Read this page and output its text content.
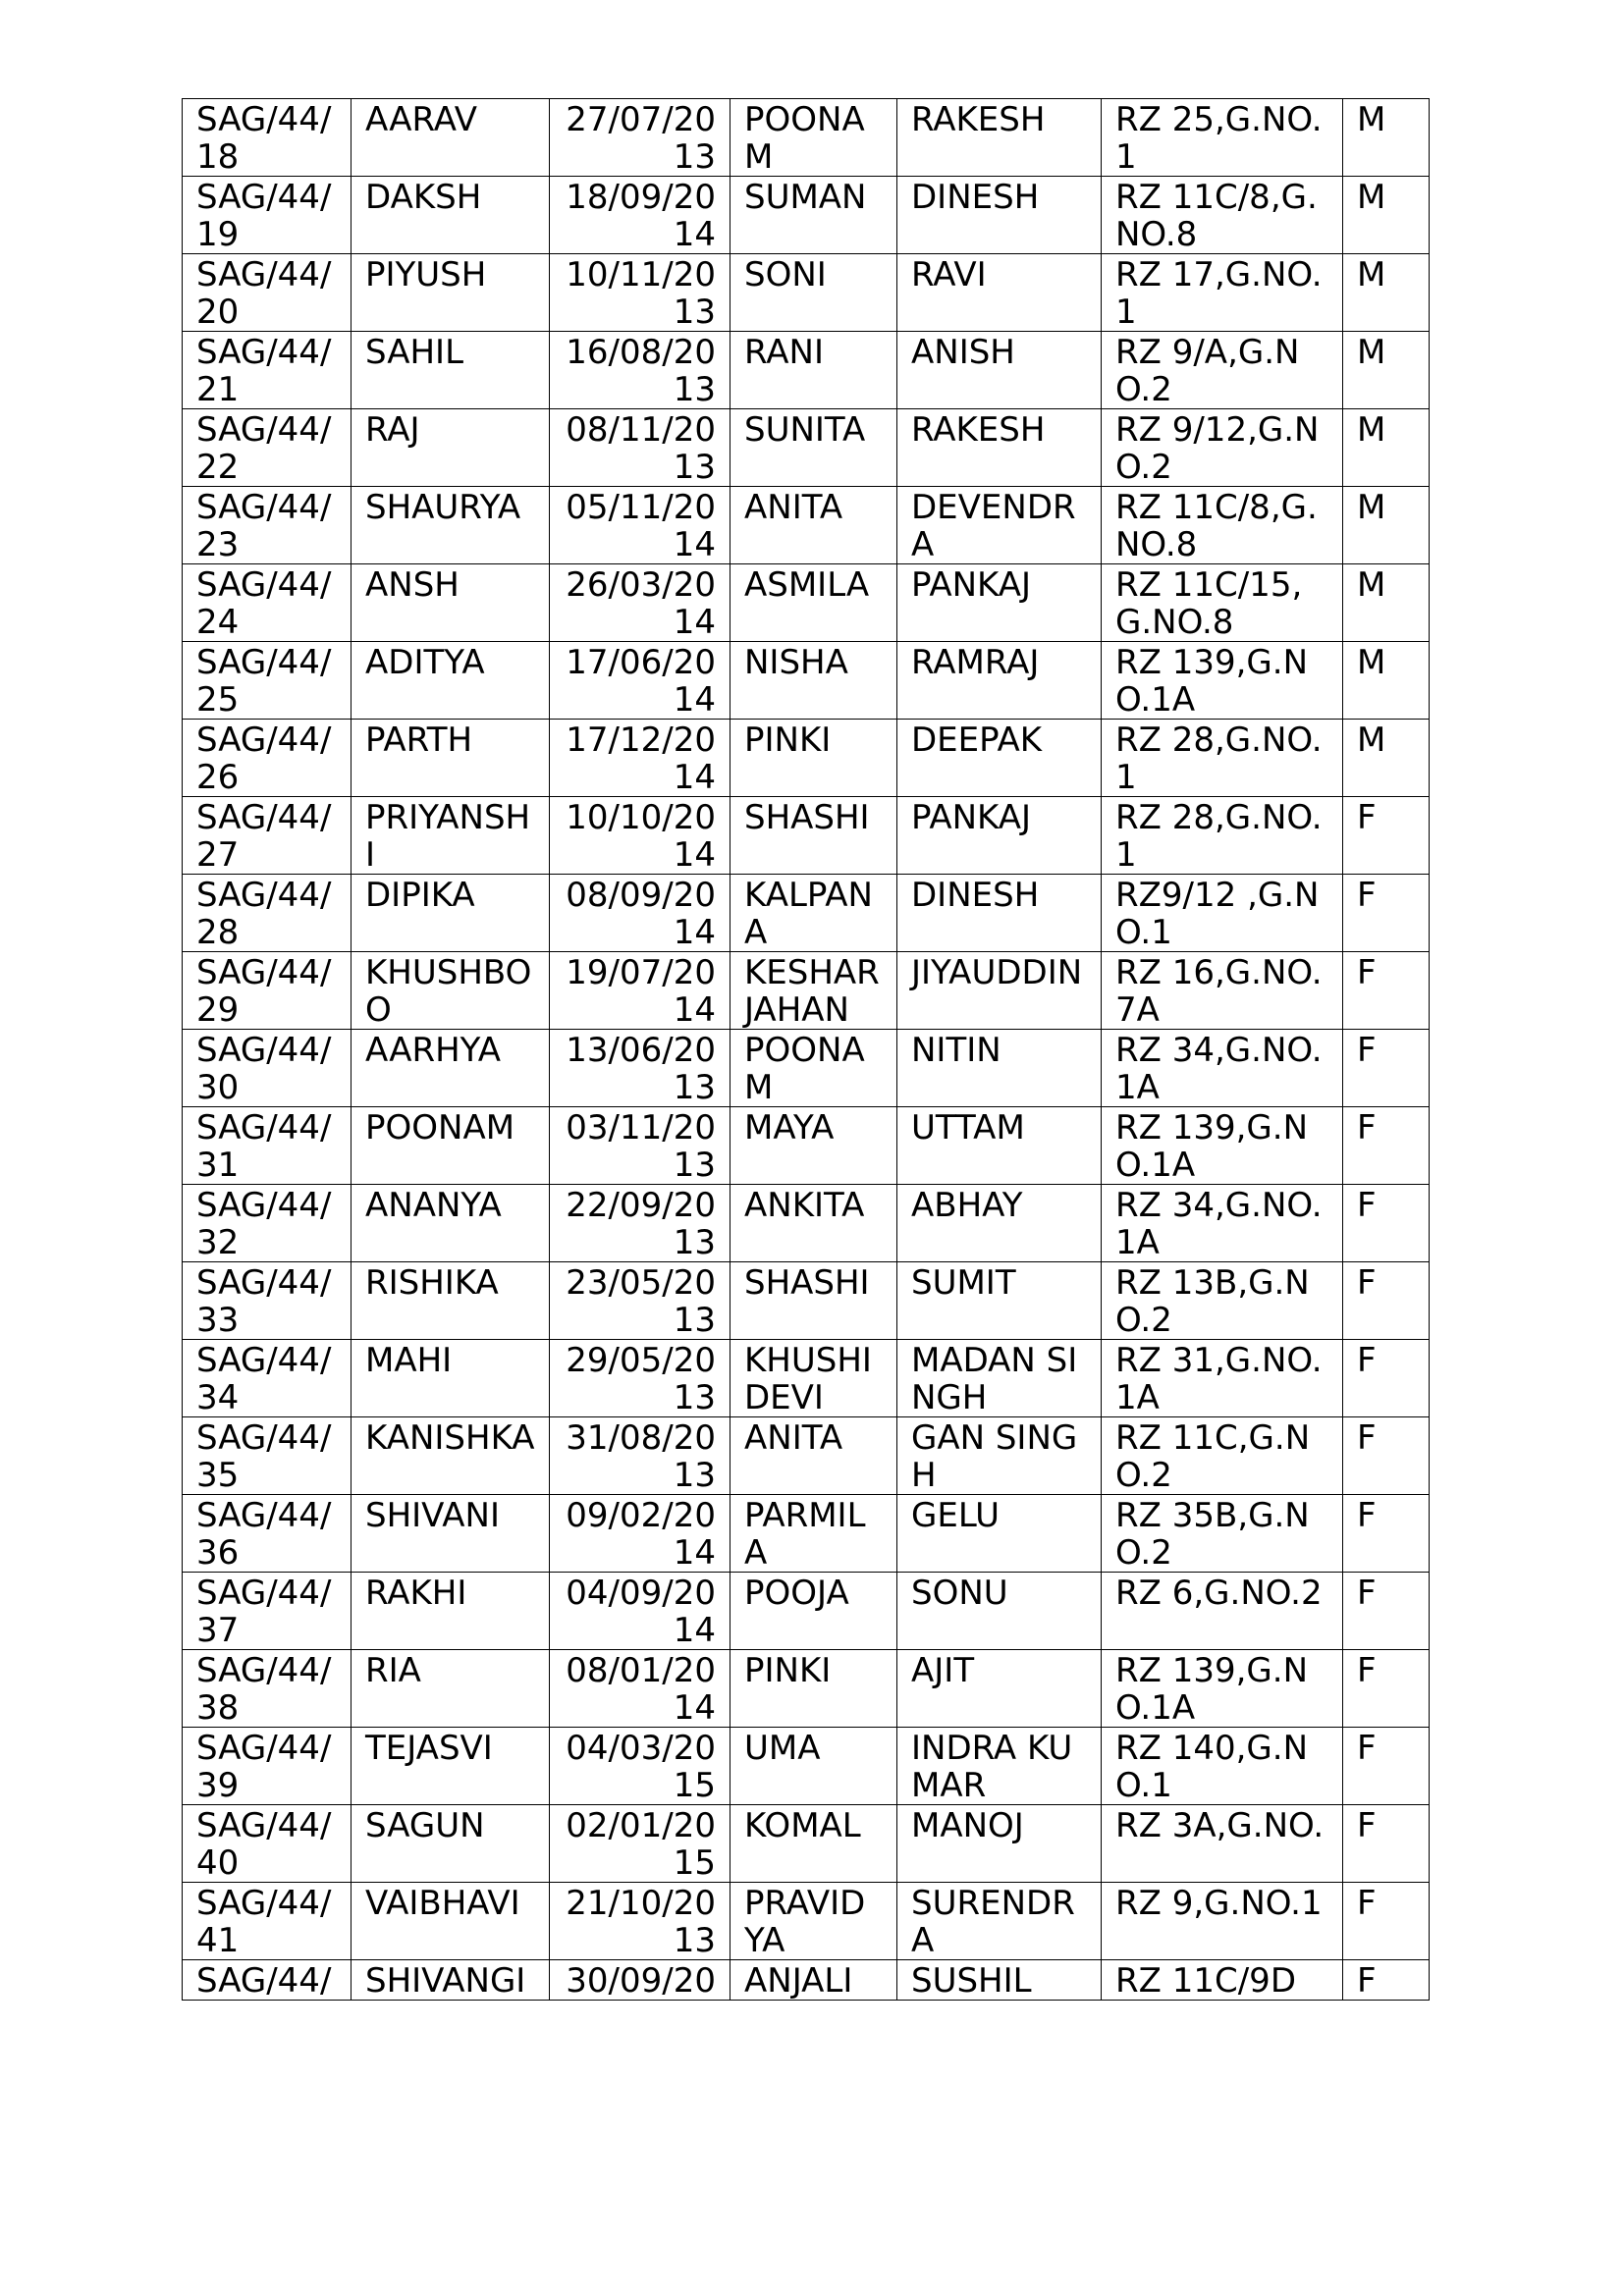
SAG/44/18	AARAV	27/07/2013	POONAM	RAKESH	RZ 25,G.NO.1	M
SAG/44/19	DAKSH	18/09/2014	SUMAN	DINESH	RZ 11C/8,G.NO.8	M
SAG/44/20	PIYUSH	10/11/2013	SONI	RAVI	RZ 17,G.NO.1	M
SAG/44/21	SAHIL	16/08/2013	RANI	ANISH	RZ 9/A,G.NO.2	M
SAG/44/22	RAJ	08/11/2013	SUNITA	RAKESH	RZ 9/12,G.NO.2	M
SAG/44/23	SHAURYA	05/11/2014	ANITA	DEVENDRA	RZ 11C/8,G.NO.8	M
SAG/44/24	ANSH	26/03/2014	ASMILA	PANKAJ	RZ 11C/15,G.NO.8	M
SAG/44/25	ADITYA	17/06/2014	NISHA	RAMRAJ	RZ 139,G.NO.1A	M
SAG/44/26	PARTH	17/12/2014	PINKI	DEEPAK	RZ 28,G.NO.1	M
SAG/44/27	PRIYANSHI	10/10/2014	SHASHI	PANKAJ	RZ 28,G.NO.1	F
SAG/44/28	DIPIKA	08/09/2014	KALPANA	DINESH	RZ9/12 ,G.NO.1	F
SAG/44/29	KHUSHBOO	19/07/2014	KESHAR JAHAN	JIYAUDDIN	RZ 16,G.NO.7A	F
SAG/44/30	AARHYA	13/06/2013	POONAM	NITIN	RZ 34,G.NO.1A	F
SAG/44/31	POONAM	03/11/2013	MAYA	UTTAM	RZ 139,G.NO.1A	F
SAG/44/32	ANANYA	22/09/2013	ANKITA	ABHAY	RZ 34,G.NO.1A	F
SAG/44/33	RISHIKA	23/05/2013	SHASHI	SUMIT	RZ 13B,G.NO.2	F
SAG/44/34	MAHI	29/05/2013	KHUSHI DEVI	MADAN SINGH	RZ 31,G.NO.1A	F
SAG/44/35	KANISHKA	31/08/2013	ANITA	GAN SINGH	RZ 11C,G.NO.2	F
SAG/44/36	SHIVANI	09/02/2014	PARMILA	GELU	RZ 35B,G.NO.2	F
SAG/44/37	RAKHI	04/09/2014	POOJA	SONU	RZ 6,G.NO.2	F
SAG/44/38	RIA	08/01/2014	PINKI	AJIT	RZ 139,G.NO.1A	F
SAG/44/39	TEJASVI	04/03/2015	UMA	INDRA KUMAR	RZ 140,G.NO.1	F
SAG/44/40	SAGUN	02/01/2015	KOMAL	MANOJ	RZ 3A,G.NO.	F
SAG/44/41	VAIBHAVI	21/10/2013	PRAVIDYA	SURENDRA	RZ 9,G.NO.1	F
SAG/44/	SHIVANGI	30/09/20	ANJALI	SUSHIL	RZ 11C/9D	F
